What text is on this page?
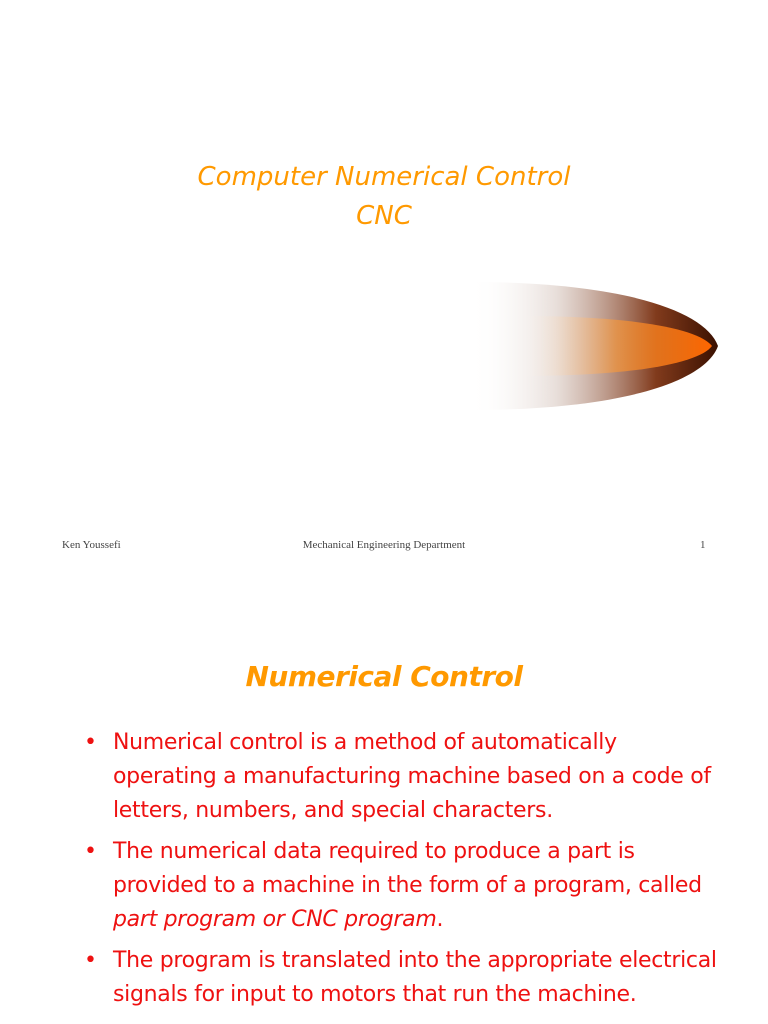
Computer Numerical Control
CNC
Ken Youssefi	Mechanical Engineering Department	1
Numerical Control
• Numerical control is a method of automatically operating a manufacturing machine based on a code of letters, numbers, and special characters.
• The numerical data required to produce a part is provided to a machine in the form of a program, called part program or CNC program.
• The program is translated into the appropriate electrical signals for input to motors that run the machine.
